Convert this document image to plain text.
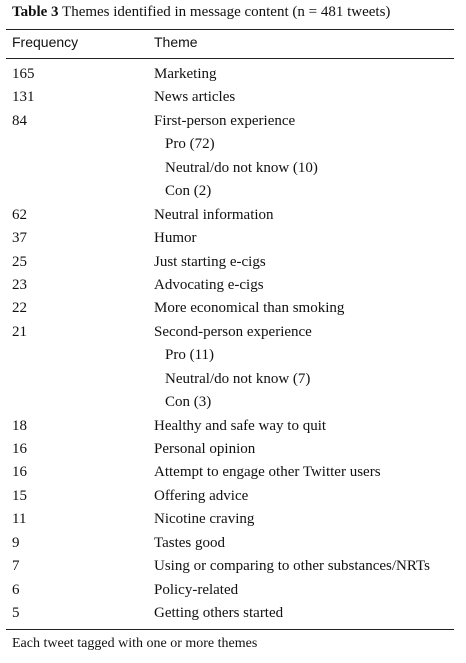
Table 3 Themes identified in message content (n = 481 tweets)
Frequency	Theme
165	Marketing
131	News articles
84	First-person experience
Pro (72)
Neutral/do not know (10)
Con (2)
62	Neutral information
37	Humor
25	Just starting e-cigs
23	Advocating e-cigs
22	More economical than smoking
21	Second-person experience
Pro (11)
Neutral/do not know (7)
Con (3)
18	Healthy and safe way to quit
16	Personal opinion
16	Attempt to engage other Twitter users
15	Offering advice
11	Nicotine craving
9	Tastes good
7	Using or comparing to other substances/NRTs
6	Policy-related
5	Getting others started
Each tweet tagged with one or more themes
